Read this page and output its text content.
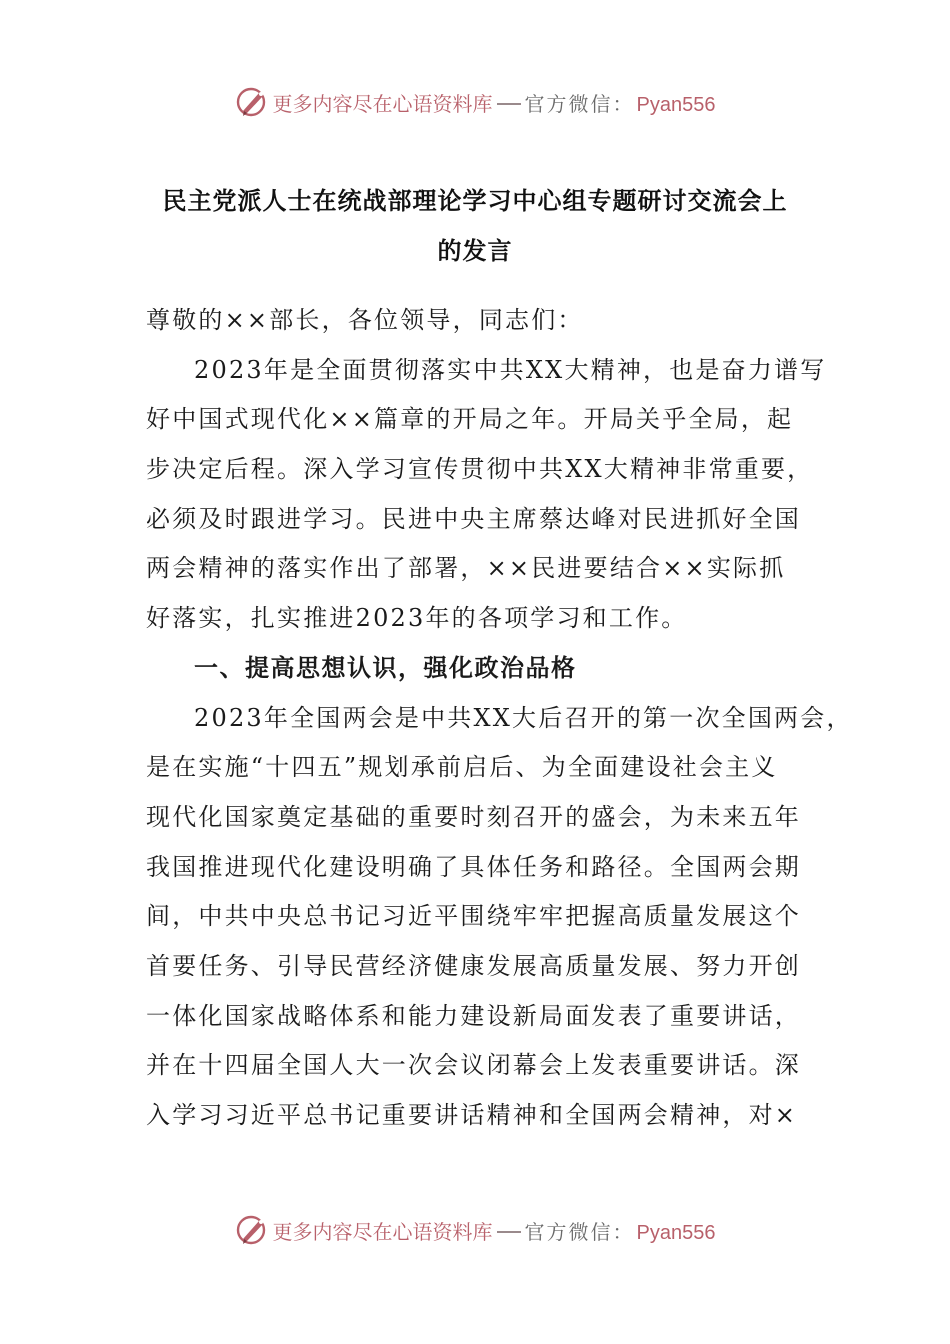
更多内容尽在心语资料库 官方微信： Pyan556
民主党派人士在统战部理论学习中心组专题研讨交流会上
的发言
尊敬的××部长，各位领导，同志们：
2023年是全面贯彻落实中共XX大精神，也是奋力谱写
好中国式现代化××篇章的开局之年。开局关乎全局，起
步决定后程。深入学习宣传贯彻中共XX大精神非常重要，
必须及时跟进学习。民进中央主席蔡达峰对民进抓好全国
两会精神的落实作出了部署，××民进要结合××实际抓
好落实，扎实推进2023年的各项学习和工作。
一、提高思想认识，强化政治品格
2023年全国两会是中共XX大后召开的第一次全国两会，
是在实施“十四五”规划承前启后、为全面建设社会主义
现代化国家奠定基础的重要时刻召开的盛会，为未来五年
我国推进现代化建设明确了具体任务和路径。全国两会期
间，中共中央总书记习近平围绕牢牢把握高质量发展这个
首要任务、引导民营经济健康发展高质量发展、努力开创
一体化国家战略体系和能力建设新局面发表了重要讲话，
并在十四届全国人大一次会议闭幕会上发表重要讲话。深
入学习习近平总书记重要讲话精神和全国两会精神，对×
更多内容尽在心语资料库 官方微信： Pyan556
